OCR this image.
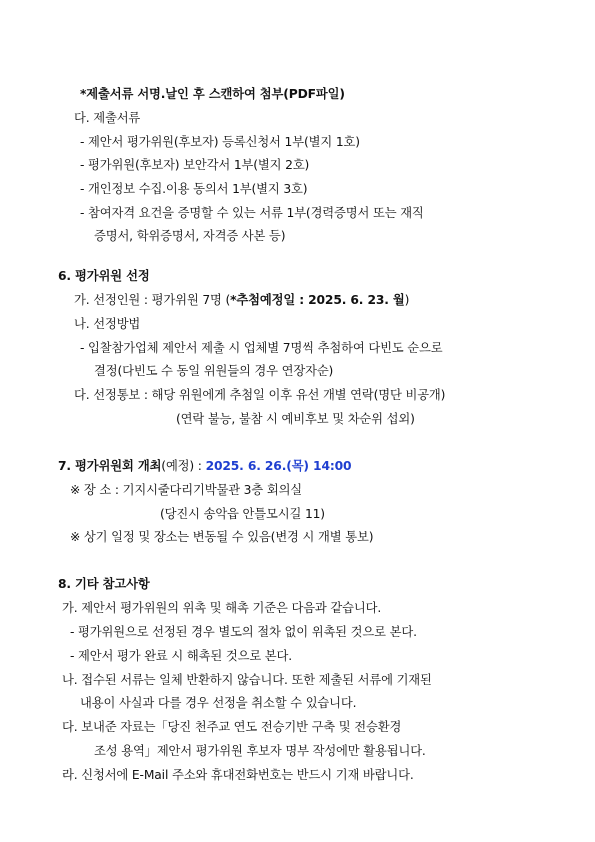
*제출서류 서명.날인 후 스캔하여 첨부(PDF파일)
다. 제출서류
- 제안서 평가위원(후보자) 등록신청서 1부(별지 1호)
- 평가위원(후보자) 보안각서 1부(별지 2호)
- 개인정보 수집.이용 동의서 1부(별지 3호)
- 참여자격 요건을 증명할 수 있는 서류 1부(경력증명서 또는 재직
증명서, 학위증명서, 자격증 사본 등)
6. 평가위원 선정
가. 선정인원 : 평가위원 7명 (*추첨예정일 : 2025. 6. 23. 월)
나. 선정방법
- 입찰참가업체 제안서 제출 시 업체별 7명씩 추첨하여 다빈도 순으로
결정(다빈도 수 동일 위원들의 경우 연장자순)
다. 선정통보 : 해당 위원에게 추첨일 이후 유선 개별 연락(명단 비공개)
(연락 불능, 불참 시 예비후보 및 차순위 섭외)
7. 평가위원회 개최(예정) : 2025. 6. 26.(목) 14:00
※ 장 소 : 기지시줄다리기박물관 3층 회의실
(당진시 송악읍 안틀모시길 11)
※ 상기 일정 및 장소는 변동될 수 있음(변경 시 개별 통보)
8. 기타 참고사항
가. 제안서 평가위원의 위촉 및 해촉 기준은 다음과 같습니다.
- 평가위원으로 선정된 경우 별도의 절차 없이 위촉된 것으로 본다.
- 제안서 평가 완료 시 해촉된 것으로 본다.
나. 접수된 서류는 일체 반환하지 않습니다. 또한 제출된 서류에 기재된
내용이 사실과 다를 경우 선정을 취소할 수 있습니다.
다. 보내준 자료는「당진 천주교 연도 전승기반 구축 및 전승환경
조성 용역」제안서 평가위원 후보자 명부 작성에만 활용됩니다.
라. 신청서에 E-Mail 주소와 휴대전화번호는 반드시 기재 바랍니다.
